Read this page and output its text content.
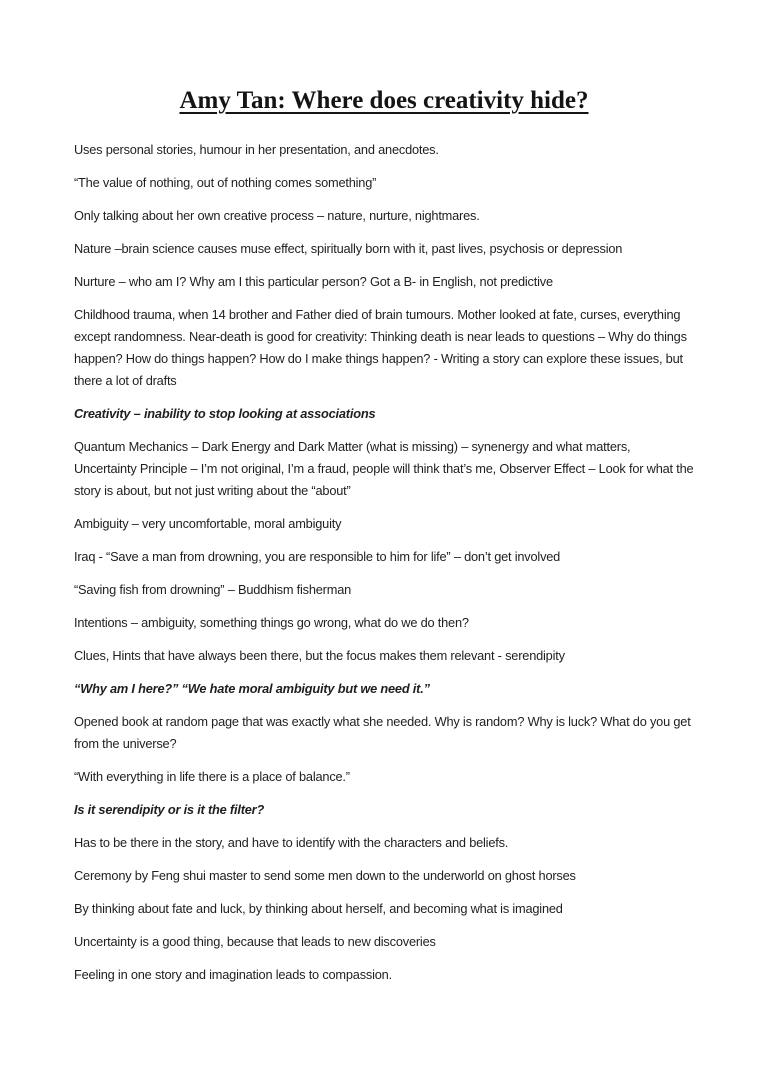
Amy Tan: Where does creativity hide?

Uses personal stories, humour in her presentation, and anecdotes.

“The value of nothing, out of nothing comes something”

Only talking about her own creative process – nature, nurture, nightmares.

Nature –brain science causes muse effect, spiritually born with it, past lives, psychosis or depression

Nurture – who am I? Why am I this particular person? Got a B- in English, not predictive

Childhood trauma, when 14 brother and Father died of brain tumours. Mother looked at fate, curses, everything except randomness. Near-death is good for creativity: Thinking death is near leads to questions – Why do things happen? How do things happen? How do I make things happen? - Writing a story can explore these issues, but there a lot of drafts

Creativity – inability to stop looking at associations

Quantum Mechanics – Dark Energy and Dark Matter (what is missing) – synenergy and what matters, Uncertainty Principle – I’m not original, I’m a fraud, people will think that’s me, Observer Effect – Look for what the story is about, but not just writing about the “about”

Ambiguity – very uncomfortable, moral ambiguity

Iraq - “Save a man from drowning, you are responsible to him for life” – don’t get involved

“Saving fish from drowning” – Buddhism fisherman

Intentions – ambiguity, something things go wrong, what do we do then?

Clues, Hints that have always been there, but the focus makes them relevant - serendipity

“Why am I here?” “We hate moral ambiguity but we need it.”

Opened book at random page that was exactly what she needed. Why is random? Why is luck? What do you get from the universe?

“With everything in life there is a place of balance.”

Is it serendipity or is it the filter?

Has to be there in the story, and have to identify with the characters and beliefs.

Ceremony by Feng shui master to send some men down to the underworld on ghost horses

By thinking about fate and luck, by thinking about herself, and becoming what is imagined

Uncertainty is a good thing, because that leads to new discoveries

Feeling in one story and imagination leads to compassion.
